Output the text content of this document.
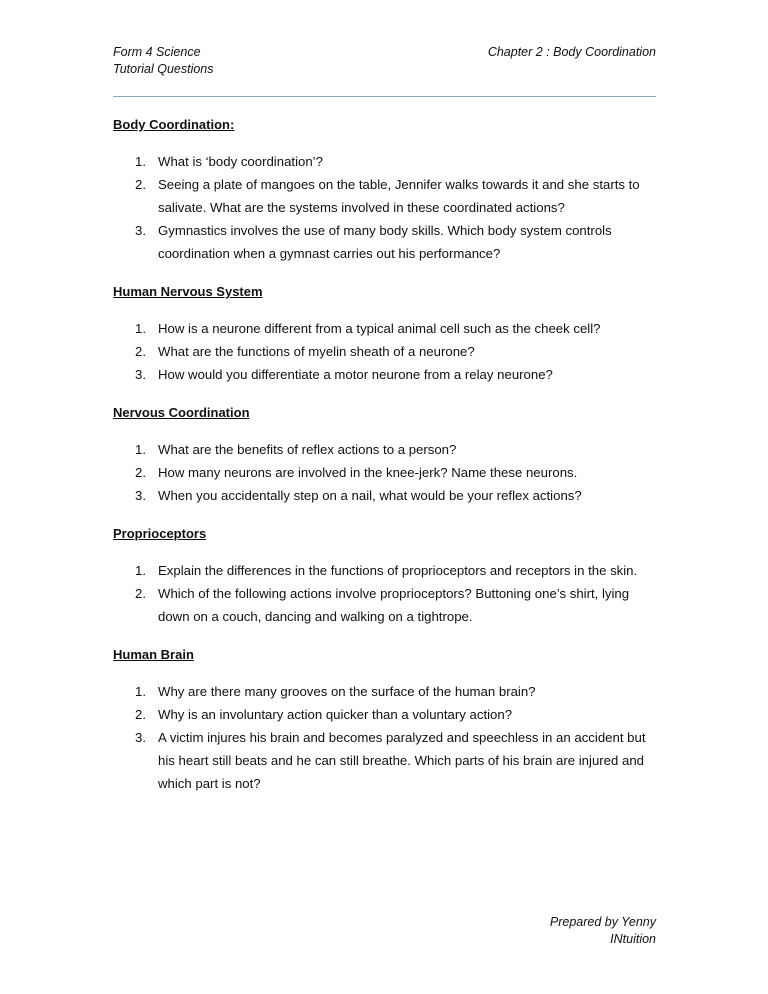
Form 4 Science
Tutorial Questions
Chapter 2 : Body Coordination
Body Coordination:
1. What is ‘body coordination’?
2. Seeing a plate of mangoes on the table, Jennifer walks towards it and she starts to salivate. What are the systems involved in these coordinated actions?
3. Gymnastics involves the use of many body skills. Which body system controls coordination when a gymnast carries out his performance?
Human Nervous System
1. How is a neurone different from a typical animal cell such as the cheek cell?
2. What are the functions of myelin sheath of a neurone?
3. How would you differentiate a motor neurone from a relay neurone?
Nervous Coordination
1. What are the benefits of reflex actions to a person?
2. How many neurons are involved in the knee-jerk? Name these neurons.
3. When you accidentally step on a nail, what would be your reflex actions?
Proprioceptors
1. Explain the differences in the functions of proprioceptors and receptors in the skin.
2. Which of the following actions involve proprioceptors? Buttoning one’s shirt, lying down on a couch, dancing and walking on a tightrope.
Human Brain
1. Why are there many grooves on the surface of the human brain?
2. Why is an involuntary action quicker than a voluntary action?
3. A victim injures his brain and becomes paralyzed and speechless in an accident but his heart still beats and he can still breathe. Which parts of his brain are injured and which part is not?
Prepared by Yenny
INtuition
